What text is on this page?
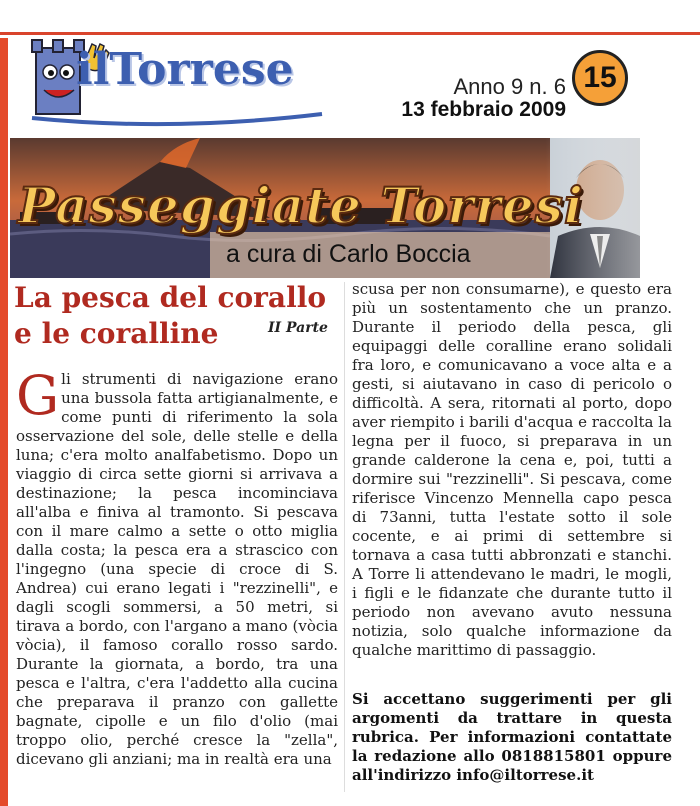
ilTorrese	Anno 9 n. 6
13 febbraio 2009
15
Passeggiate Torresi
a cura di Carlo Boccia
La pesca del corallo e le coralline	II Parte
Gli strumenti di navigazione erano una bussola fatta artigianalmente, e come punti di riferimento la sola osservazione del sole, delle stelle e della luna; c'era molto analfabetismo. Dopo un viaggio di circa sette giorni si arrivava a destinazione; la pesca incominciava all'alba e finiva al tramonto. Si pescava con il mare calmo a sette o otto miglia dalla costa; la pesca era a strascico con l'ingegno (una specie di croce di S. Andrea) cui erano legati i "rezzinelli", e dagli scogli sommersi, a 50 metri, si tirava a bordo, con l'argano a mano (vòcia vòcia), il famoso corallo rosso sardo. Durante la giornata, a bordo, tra una pesca e l'altra, c'era l'addetto alla cucina che preparava il pranzo con gallette bagnate, cipolle e un filo d'olio (mai troppo olio, perché cresce la "zella", dicevano gli anziani; ma in realtà era una
scusa per non consumarne), e questo era più un sostentamento che un pranzo. Durante il periodo della pesca, gli equipaggi delle coralline erano solidali fra loro, e comunicavano a voce alta e a gesti, si aiutavano in caso di pericolo o difficoltà. A sera, ritornati al porto, dopo aver riempito i barili d'acqua e raccolta la legna per il fuoco, si preparava in un grande calderone la cena e, poi, tutti a dormire sui "rezzinelli". Si pescava, come riferisce Vincenzo Mennella capo pesca di 73anni, tutta l'estate sotto il sole cocente, e ai primi di settembre si tornava a casa tutti abbronzati e stanchi. A Torre li attendevano le madri, le mogli, i figli e le fidanzate che durante tutto il periodo non avevano avuto nessuna notizia, solo qualche informazione da qualche marittimo di passaggio.
Si accettano suggerimenti per gli argomenti da trattare in questa rubrica. Per informazioni contattate la redazione allo 0818815801 oppure all'indirizzo info@iltorrese.it
